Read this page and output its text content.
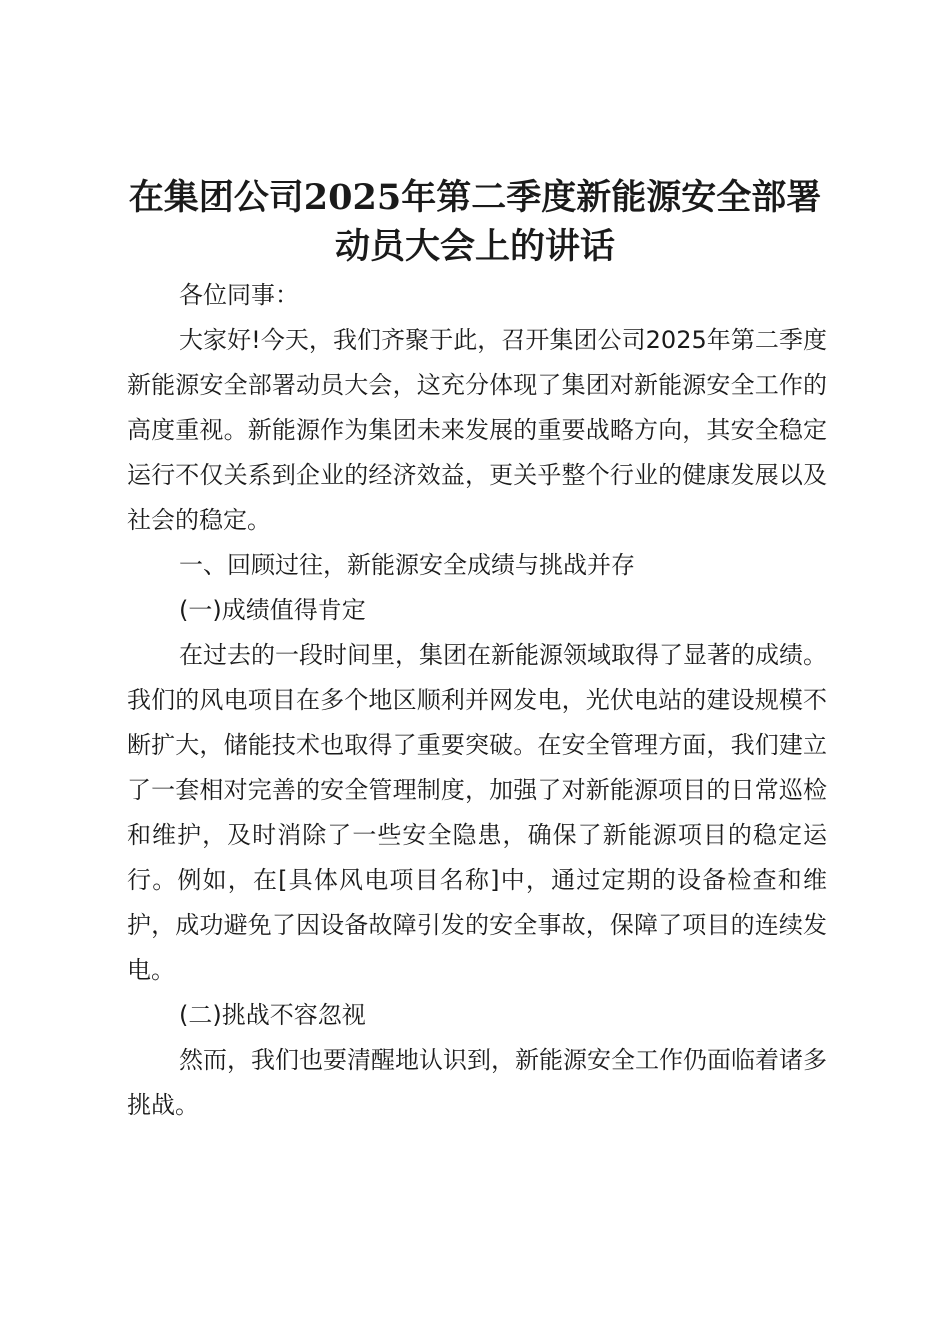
在集团公司2025年第二季度新能源安全部署
动员大会上的讲话

各位同事：

大家好!今天，我们齐聚于此，召开集团公司2025年第二季度新能源安全部署动员大会，这充分体现了集团对新能源安全工作的高度重视。新能源作为集团未来发展的重要战略方向，其安全稳定运行不仅关系到企业的经济效益，更关乎整个行业的健康发展以及社会的稳定。

一、回顾过往，新能源安全成绩与挑战并存

(一)成绩值得肯定

在过去的一段时间里，集团在新能源领域取得了显著的成绩。我们的风电项目在多个地区顺利并网发电，光伏电站的建设规模不断扩大，储能技术也取得了重要突破。在安全管理方面，我们建立了一套相对完善的安全管理制度，加强了对新能源项目的日常巡检和维护，及时消除了一些安全隐患，确保了新能源项目的稳定运行。例如，在[具体风电项目名称]中，通过定期的设备检查和维护，成功避免了因设备故障引发的安全事故，保障了项目的连续发电。

(二)挑战不容忽视

然而，我们也要清醒地认识到，新能源安全工作仍面临着诸多挑战。
